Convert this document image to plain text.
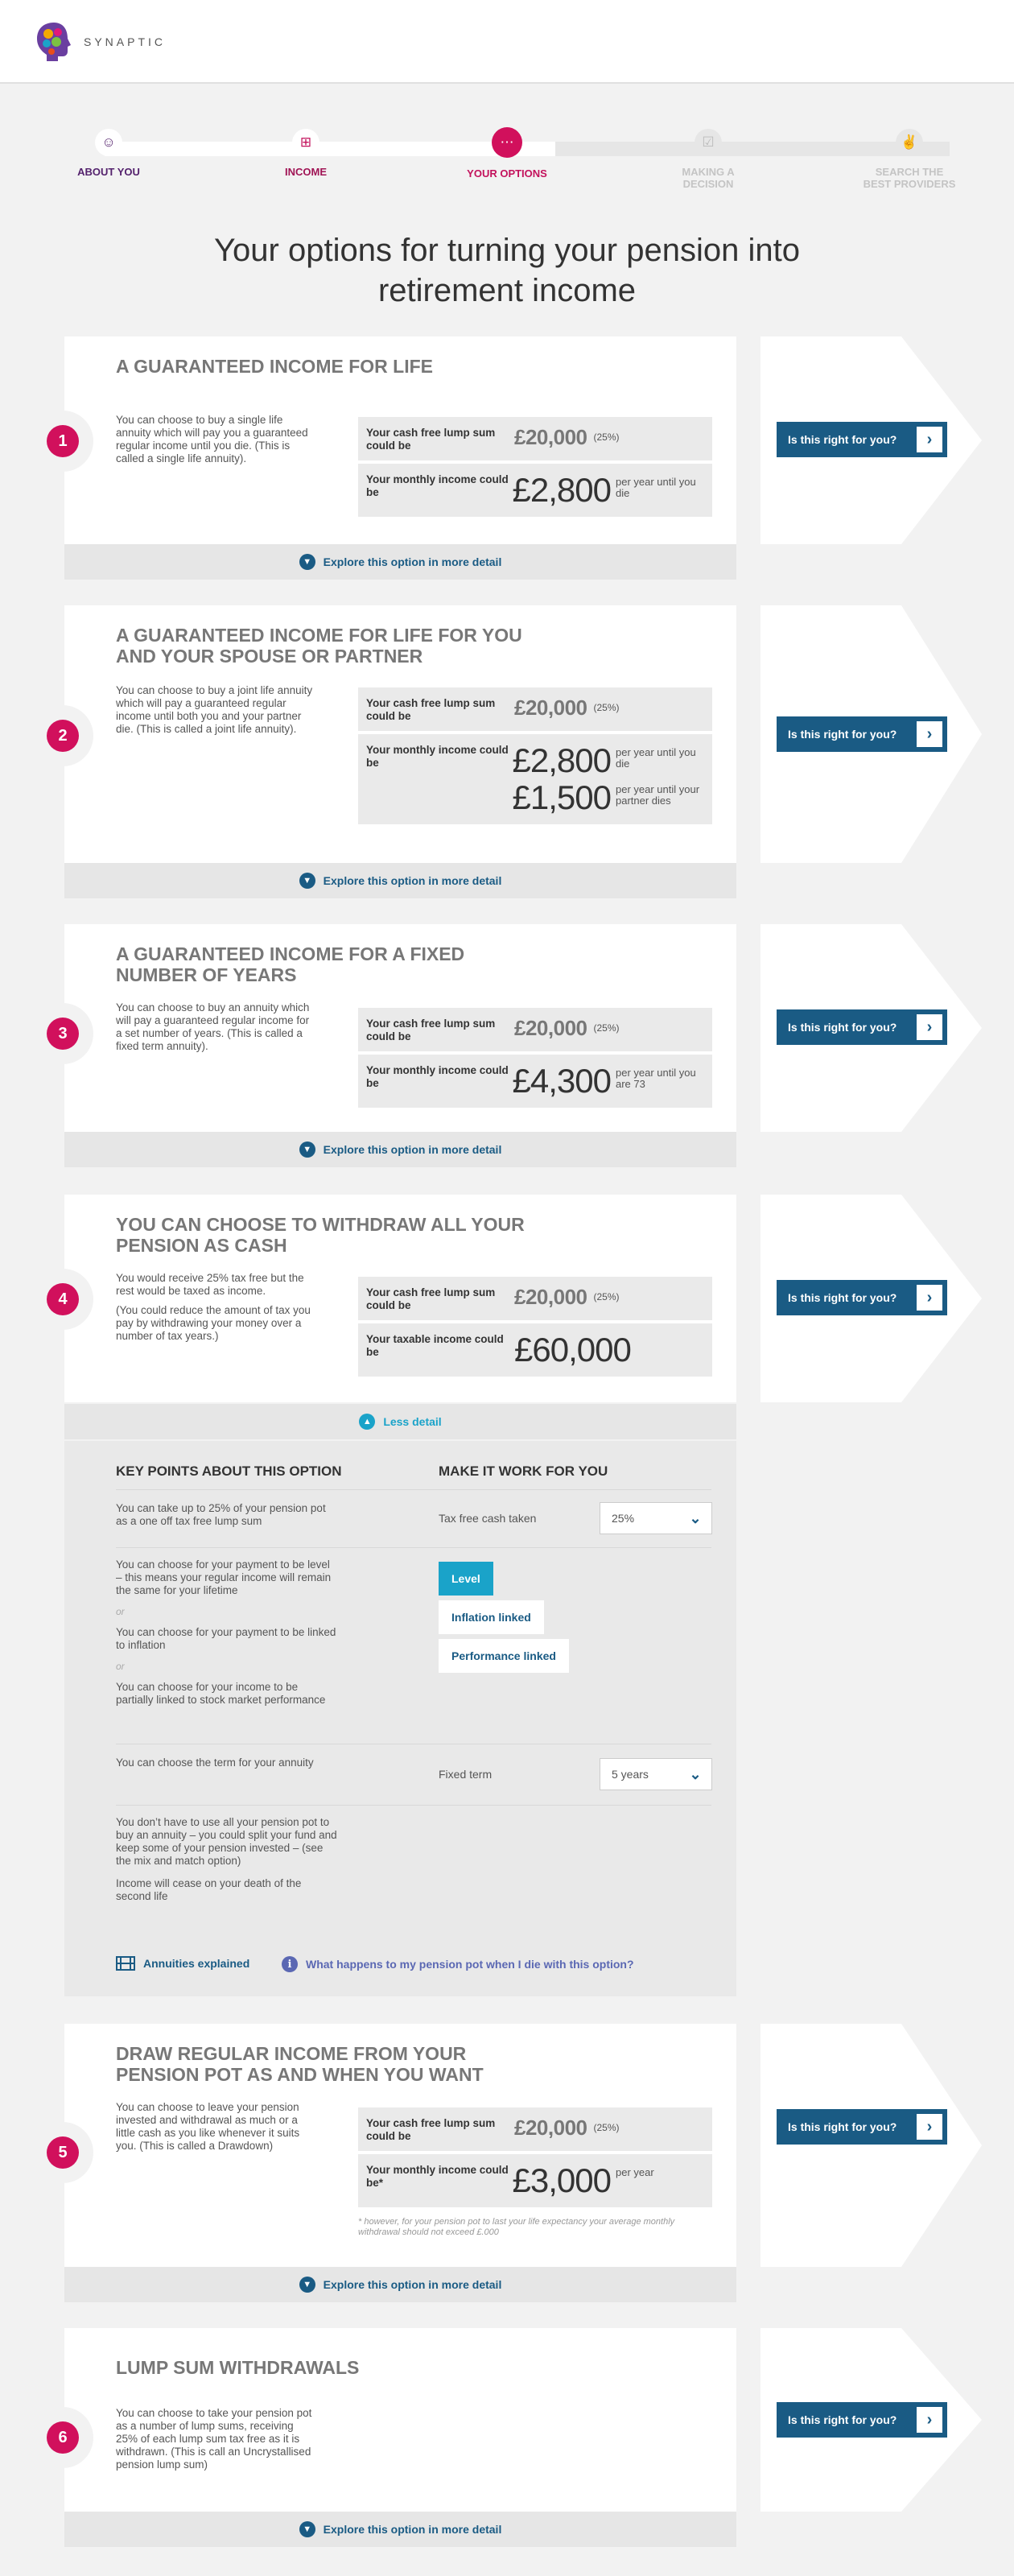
SYNAPTIC
☺
ABOUT YOU
⊞
INCOME
⋯
YOUR OPTIONS
☑
MAKING A
DECISION
✌
SEARCH THE
BEST PROVIDERS
Your options for turning your pension into retirement income
A GUARANTEED INCOME FOR LIFE
1

You can choose to buy a single life annuity which will pay you a guaranteed regular income until you die. (This is called a single life annuity).

Your cash free lump sum could be	£20,000 (25%)
Your monthly income could be	£2,800 per year until you die
▼	Explore this option in more detail
Is this right for you?	›
A GUARANTEED INCOME FOR LIFE FOR YOU AND YOUR SPOUSE OR PARTNER
2

You can choose to buy a joint life annuity which will pay a guaranteed regular income until both you and your partner die. (This is called a joint life annuity).

Your cash free lump sum could be	£20,000 (25%)
Your monthly income could be	£2,800 per year until you die
£1,500 per year until your partner dies
▼	Explore this option in more detail
Is this right for you?	›
A GUARANTEED INCOME FOR A FIXED NUMBER OF YEARS
3

You can choose to buy an annuity which will pay a guaranteed regular income for a set number of years. (This is called a fixed term annuity).

Your cash free lump sum could be	£20,000 (25%)
Your monthly income could be	£4,300 per year until you are 73
▼	Explore this option in more detail
Is this right for you?	›
YOU CAN CHOOSE TO WITHDRAW ALL YOUR PENSION AS CASH
4

You would receive 25% tax free but the rest would be taxed as income.

(You could reduce the amount of tax you pay by withdrawing your money over a number of tax years.)

Your cash free lump sum could be	£20,000 (25%)
Your taxable income could be	£60,000
▲	Less detail
Is this right for you?	›
KEY POINTS ABOUT THIS OPTION	MAKE IT WORK FOR YOU
You can take up to 25% of your pension pot as a one off tax free lump sum	Tax free cash taken	25%	⌄
You can choose for your payment to be level – this means your regular income will remain the same for your lifetime
or
You can choose for your payment to be linked to inflation
or
You can choose for your income to be partially linked to stock market performance
Level
Inflation linked
Performance linked
You can choose the term for your annuity
Fixed term	5 years	⌄
You don’t have to use all your pension pot to buy an annuity – you could split your fund and keep some of your pension invested – (see the mix and match option)
Income will cease on your death of the second life
Annuities explained	i	What happens to my pension pot when I die with this option?
DRAW REGULAR INCOME FROM YOUR PENSION POT AS AND WHEN YOU WANT
5

You can choose to leave your pension invested and withdrawal as much or a little cash as you like whenever it suits you. (This is called a Drawdown)

Your cash free lump sum could be	£20,000 (25%)
Your monthly income could be*	£3,000 per year
* however, for your pension pot to last your life expectancy your average monthly withdrawal should not exceed £.000
▼	Explore this option in more detail
Is this right for you?	›
LUMP SUM WITHDRAWALS
6

You can choose to take your pension pot as a number of lump sums, receiving 25% of each lump sum tax free as it is withdrawn. (This is call an Uncrystallised pension lump sum)

▼	Explore this option in more detail
Is this right for you?	›
